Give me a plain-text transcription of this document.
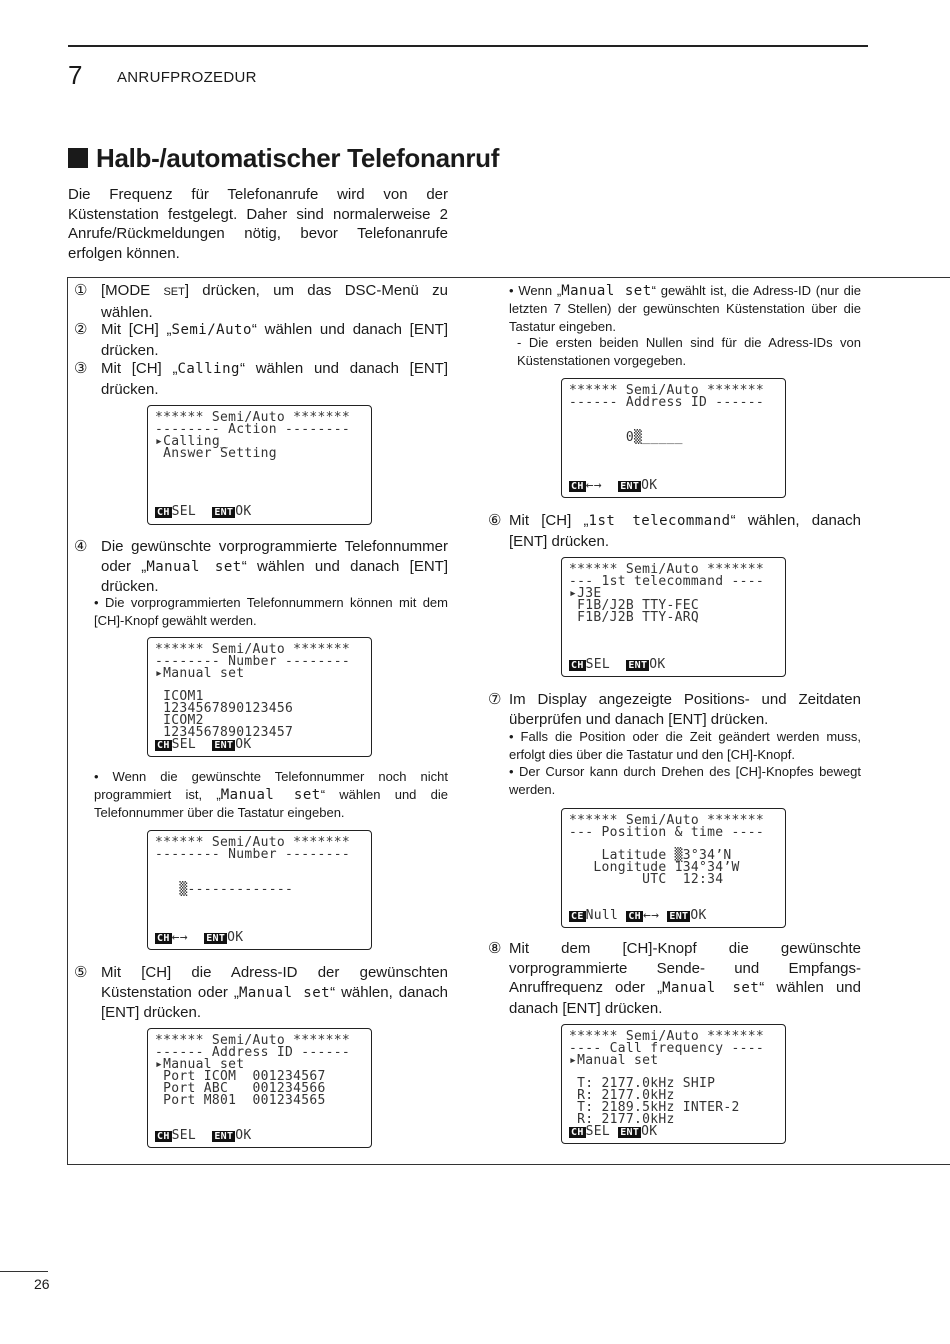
7 ANRUFPROZEDUR
Halb-/automatischer Telefonanruf
Die Frequenz für Telefonanrufe wird von der Küstenstation festgelegt. Daher sind normalerweise 2 Anrufe/Rückmeldungen nötig, bevor Telefonanrufe erfolgen können.
① [MODE SET] drücken, um das DSC-Menü zu wählen.
② Mit [CH] „Semi/Auto“ wählen und danach [ENT] drücken.
③ Mit [CH] „Calling“ wählen und danach [ENT] drücken.
****** Semi/Auto *******
-------- Action --------
▸Calling_
Answer Setting
CH SEL ENT OK
④ Die gewünschte vorprogrammierte Telefonnummer oder „Manual set“ wählen und danach [ENT] drücken.
• Die vorprogrammierten Telefonnummern können mit dem [CH]-Knopf gewählt werden.
****** Semi/Auto *******
-------- Number --------
▸Manual set
ICOM1
1234567890123456
ICOM2
1234567890123457
CH SEL ENT OK
• Wenn die gewünschte Telefonnummer noch nicht programmiert ist, „Manual set“ wählen und die Telefonnummer über die Tastatur eingeben.
****** Semi/Auto *******
-------- Number --------
▒-------------
CH ←→ ENT OK
⑤ Mit [CH] die Adress-ID der gewünschten Küstenstation oder „Manual set“ wählen, danach [ENT] drücken.
****** Semi/Auto *******
------ Address ID ------
▸Manual set
Port ICOM  001234567
Port ABC   001234566
Port M801  001234565
CH SEL ENT OK
• Wenn „Manual set“ gewählt ist, die Adress-ID (nur die letzten 7 Stellen) der gewünschten Küstenstation über die Tastatur eingeben.
- Die ersten beiden Nullen sind für die Adress-IDs von Küstenstationen vorgegeben.
****** Semi/Auto *******
------ Address ID ------
0▒_____
CH ←→ ENT OK
⑥ Mit [CH] „1st telecommand“ wählen, danach [ENT] drücken.
****** Semi/Auto *******
--- 1st telecommand ----
▸J3E
F1B/J2B TTY-FEC
F1B/J2B TTY-ARQ
CH SEL ENT OK
⑦ Im Display angezeigte Positions- und Zeitdaten überprüfen und danach [ENT] drücken.
• Falls die Position oder die Zeit geändert werden muss, erfolgt dies über die Tastatur und den [CH]-Knopf.
• Der Cursor kann durch Drehen des [CH]-Knopfes bewegt werden.
****** Semi/Auto *******
--- Position & time ----
Latitude ▒3°34’N
Longitude 134°34’W
UTC  12:34
CE Null CH ←→ ENT OK
⑧ Mit dem [CH]-Knopf die gewünschte vorprogrammierte Sende- und Empfangs-Anruffrequenz oder „Manual set“ wählen und danach [ENT] drücken.
****** Semi/Auto *******
---- Call frequency ----
▸Manual set
T: 2177.0kHz SHIP
R: 2177.0kHz
T: 2189.5kHz INTER-2
R: 2177.0kHz
CH SEL ENT OK
26
